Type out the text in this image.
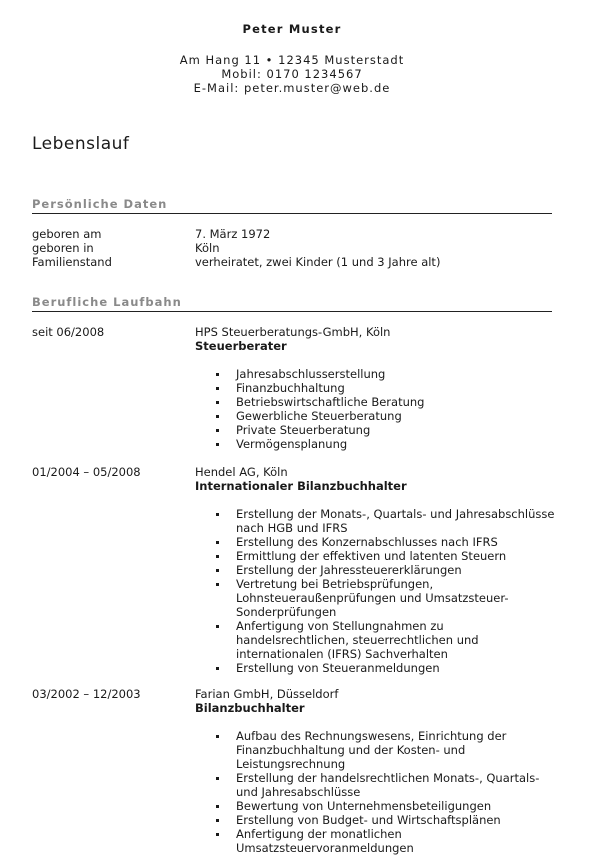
Peter Muster
Am Hang 11 • 12345 Musterstadt
Mobil: 0170 1234567
E-Mail: peter.muster@web.de
Lebenslauf
Persönliche Daten
geboren am	7. März 1972
geboren in	Köln
Familienstand	verheiratet, zwei Kinder (1 und 3 Jahre alt)
Berufliche Laufbahn
seit 06/2008	HPS Steuerberatungs-GmbH, Köln
Steuerberater
Jahresabschlusserstellung
Finanzbuchhaltung
Betriebswirtschaftliche Beratung
Gewerbliche Steuerberatung
Private Steuerberatung
Vermögensplanung
01/2004 – 05/2008	Hendel AG, Köln
Internationaler Bilanzbuchhalter
Erstellung der Monats-, Quartals- und Jahresabschlüsse nach HGB und IFRS
Erstellung des Konzernabschlusses nach IFRS
Ermittlung der effektiven und latenten Steuern
Erstellung der Jahressteuererklärungen
Vertretung bei Betriebsprüfungen, Lohnsteueraußenprüfungen und Umsatzsteuer-Sonderprüfungen
Anfertigung von Stellungnahmen zu handelsrechtlichen, steuerrechtlichen und internationalen (IFRS) Sachverhalten
Erstellung von Steueranmeldungen
03/2002 – 12/2003	Farian GmbH, Düsseldorf
Bilanzbuchhalter
Aufbau des Rechnungswesens, Einrichtung der Finanzbuchhaltung und der Kosten- und Leistungsrechnung
Erstellung der handelsrechtlichen Monats-, Quartals- und Jahresabschlüsse
Bewertung von Unternehmensbeteiligungen
Erstellung von Budget- und Wirtschaftsplänen
Anfertigung der monatlichen Umsatzsteuervoranmeldungen
